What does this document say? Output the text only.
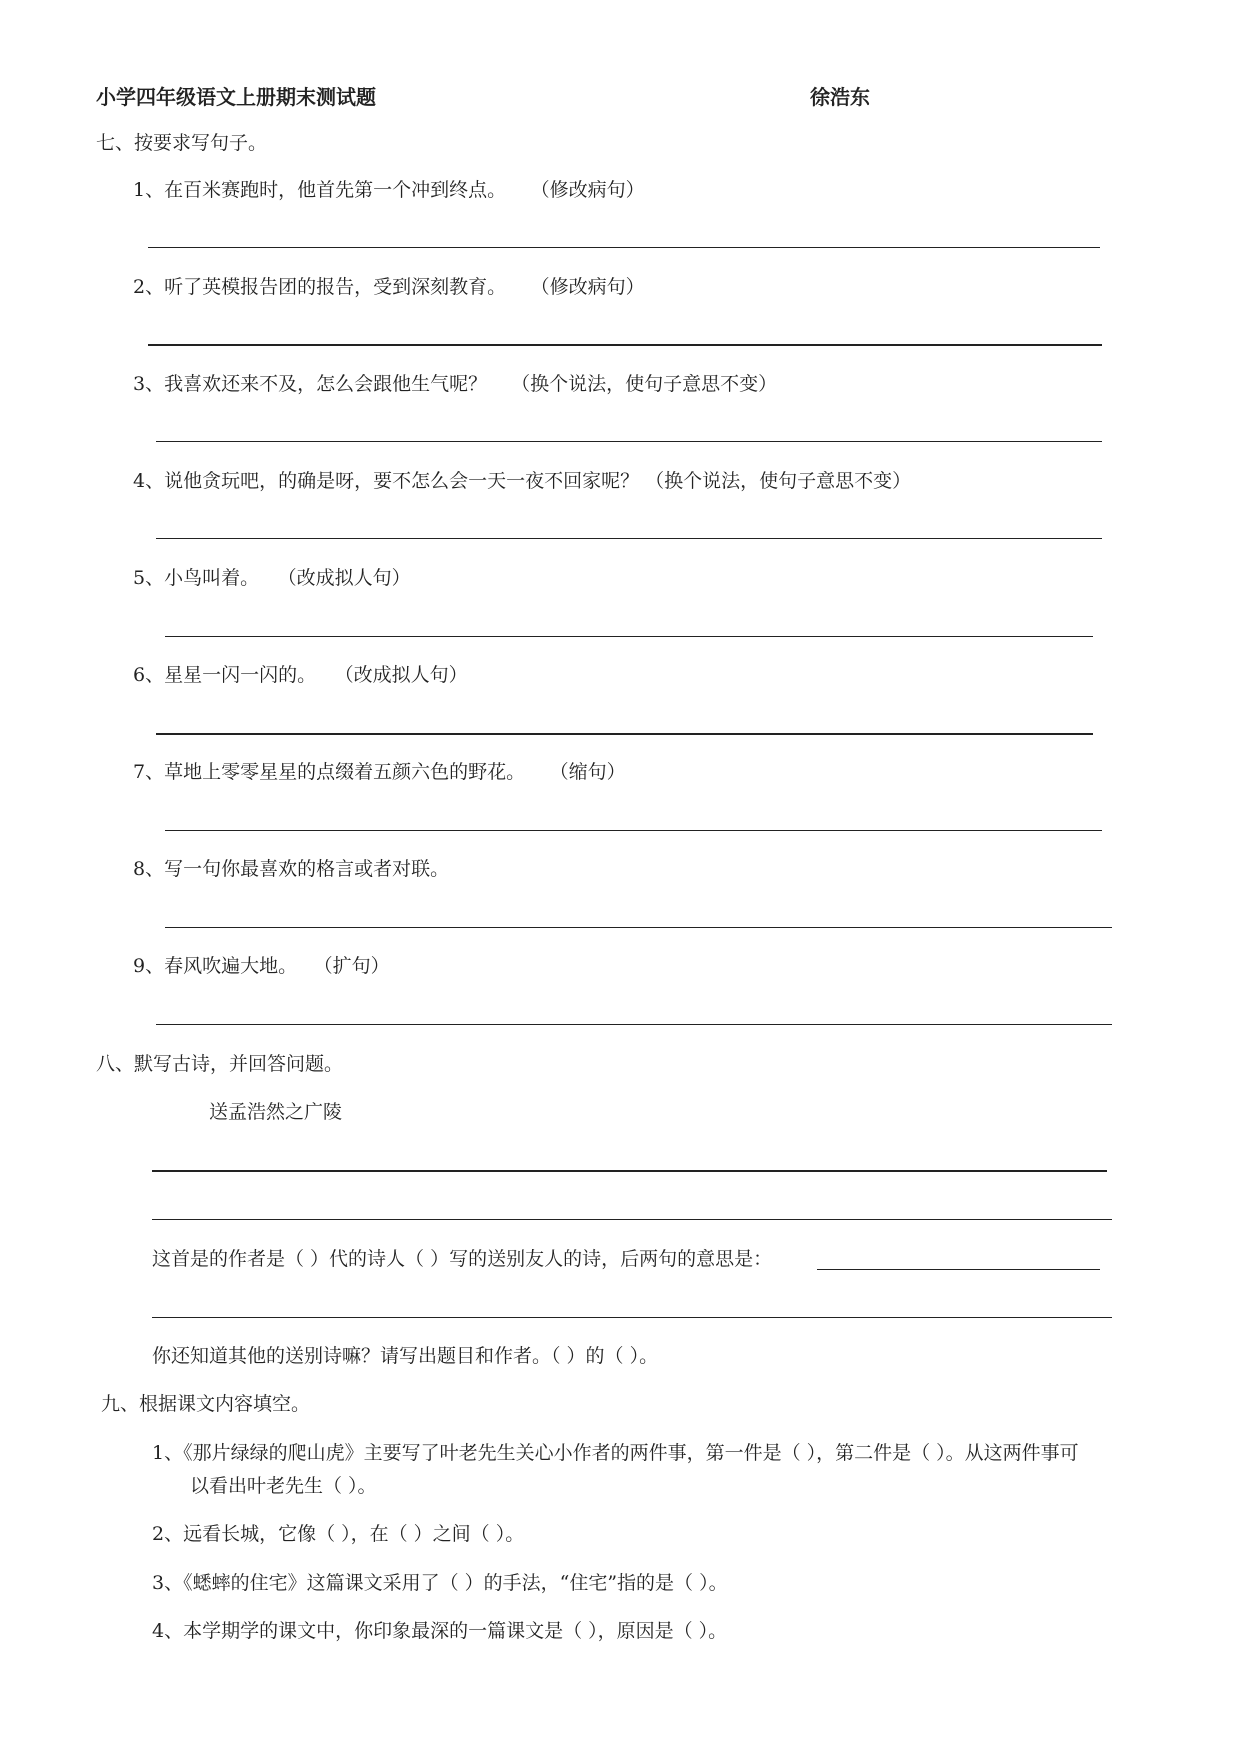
小学四年级语文上册期末测试题	徐浩东
七、按要求写句子。
1、在百米赛跑时，他首先第一个冲到终点。 （修改病句）
2、听了英模报告团的报告，受到深刻教育。 （修改病句）
3、我喜欢还来不及，怎么会跟他生气呢？ （换个说法，使句子意思不变）
4、说他贪玩吧，的确是呀，要不怎么会一天一夜不回家呢？ （换个说法，使句子意思不变）
5、小鸟叫着。 （改成拟人句）
6、星星一闪一闪的。 （改成拟人句）
7、草地上零零星星的点缀着五颜六色的野花。 （缩句）
8、写一句你最喜欢的格言或者对联。
9、春风吹遍大地。 （扩句）
八、默写古诗，并回答问题。
送孟浩然之广陵
这首是的作者是（ ）代的诗人（ ）写的送别友人的诗，后两句的意思是：
你还知道其他的送别诗嘛？请写出题目和作者。（ ）的（ ）。
九、根据课文内容填空。
1、《那片绿绿的爬山虎》主要写了叶老先生关心小作者的两件事，第一件是（ ），第二件是（ ）。从这两件事可
以看出叶老先生（ ）。
2、远看长城，它像（ ），在（ ）之间（ ）。
3、《蟋蟀的住宅》这篇课文采用了（ ）的手法，“住宅”指的是（ ）。
4、本学期学的课文中，你印象最深的一篇课文是（ ），原因是（ ）。
